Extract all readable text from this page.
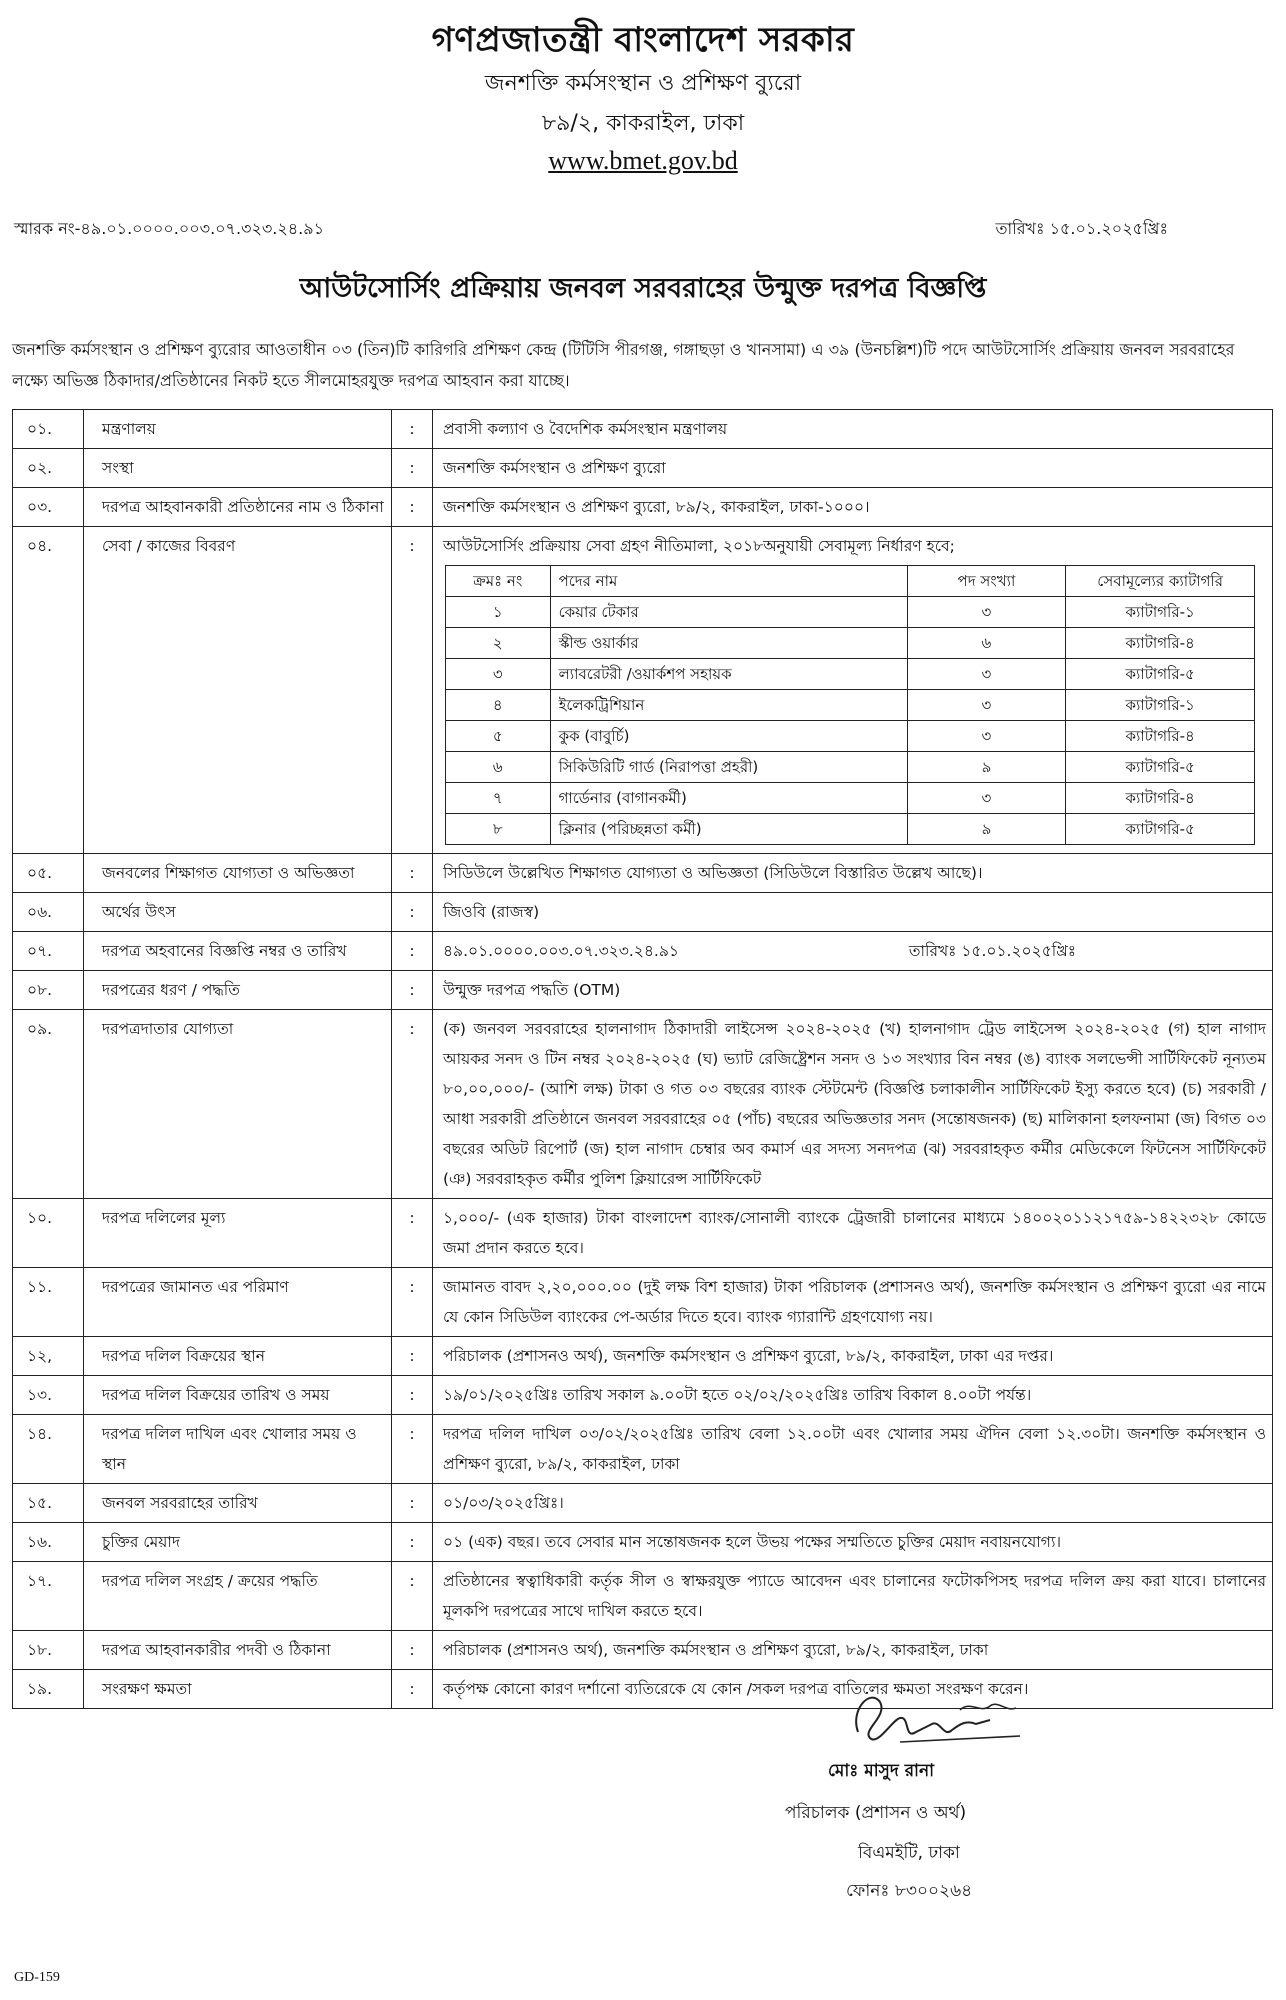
গণপ্রজাতন্ত্রী বাংলাদেশ সরকার
জনশক্তি কর্মসংস্থান ও প্রশিক্ষণ ব্যুরো
৮৯/২, কাকরাইল, ঢাকা
www.bmet.gov.bd
স্মারক নং-৪৯.০১.০০০০.০০৩.০৭.৩২৩.২৪.৯১	তারিখঃ ১৫.০১.২০২৫খ্রিঃ
আউটসোর্সিং প্রক্রিয়ায় জনবল সরবরাহের উন্মুক্ত দরপত্র বিজ্ঞপ্তি
জনশক্তি কর্মসংস্থান ও প্রশিক্ষণ ব্যুরোর আওতাধীন ০৩ (তিন)টি কারিগরি প্রশিক্ষণ কেন্দ্র (টিটিসি পীরগঞ্জ, গঙ্গাছড়া ও খানসামা) এ ৩৯ (উনচল্লিশ)টি পদে আউটসোর্সিং প্রক্রিয়ায় জনবল সরবরাহের লক্ষ্যে অভিজ্ঞ ঠিকাদার/প্রতিষ্ঠানের নিকট হতে সীলমোহরযুক্ত দরপত্র আহবান করা যাচ্ছে।
০১.	মন্ত্রণালয়	:	প্রবাসী কল্যাণ ও বৈদেশিক কর্মসংস্থান মন্ত্রণালয়
০২.	সংস্থা	:	জনশক্তি কর্মসংস্থান ও প্রশিক্ষণ ব্যুরো
০৩.	দরপত্র আহবানকারী প্রতিষ্ঠানের নাম ও ঠিকানা	:	জনশক্তি কর্মসংস্থান ও প্রশিক্ষণ ব্যুরো, ৮৯/২, কাকরাইল, ঢাকা-১০০০।
০৪.	সেবা / কাজের বিবরণ	:	আউটসোর্সিং প্রক্রিয়ায় সেবা গ্রহণ নীতিমালা, ২০১৮অনুযায়ী সেবামূল্য নির্ধারণ হবে;
ক্রমঃ নং	পদের নাম	পদ সংখ্যা	সেবামূল্যের ক্যাটাগরি
১	কেয়ার টেকার	৩	ক্যাটাগরি-১
২	স্কীল্ড ওয়ার্কার	৬	ক্যাটাগরি-৪
৩	ল্যাবরেটরী /ওয়ার্কশপ সহায়ক	৩	ক্যাটাগরি-৫
৪	ইলেকট্রিশিয়ান	৩	ক্যাটাগরি-১
৫	কুক (বাবুর্চি)	৩	ক্যাটাগরি-৪
৬	সিকিউরিটি গার্ড (নিরাপত্তা প্রহরী)	৯	ক্যাটাগরি-৫
৭	গার্ডেনার (বাগানকর্মী)	৩	ক্যাটাগরি-৪
৮	ক্লিনার (পরিচ্ছন্নতা কর্মী)	৯	ক্যাটাগরি-৫

০৫.	জনবলের শিক্ষাগত যোগ্যতা ও অভিজ্ঞতা	:	সিডিউলে উল্লেখিত শিক্ষাগত যোগ্যতা ও অভিজ্ঞতা (সিডিউলে বিস্তারিত উল্লেখ আছে)।
০৬.	অর্থের উৎস	:	জিওবি (রাজস্ব)
০৭.	দরপত্র অহবানের বিজ্ঞপ্তি নম্বর ও তারিখ	:	৪৯.০১.০০০০.০০৩.০৭.৩২৩.২৪.৯১	তারিখঃ ১৫.০১.২০২৫খ্রিঃ

০৮.	দরপত্রের ধরণ / পদ্ধতি	:	উন্মুক্ত দরপত্র পদ্ধতি (OTM)
০৯.	দরপত্রদাতার যোগ্যতা	:	(ক) জনবল সরবরাহের হালনাগাদ ঠিকাদারী লাইসেন্স ২০২৪-২০২৫ (খ) হালনাগাদ ট্রেড লাইসেন্স ২০২৪-২০২৫ (গ) হাল নাগাদ আয়কর সনদ ও টিন নম্বর ২০২৪-২০২৫ (ঘ) ভ্যাট রেজিষ্ট্রেশন সনদ ও ১৩ সংখ্যার বিন নম্বর (ঙ) ব্যাংক সলভেন্সী সার্টিফিকেট নূন্যতম ৮০,০০,০০০/- (আশি লক্ষ) টাকা ও গত ০৩ বছরের ব্যাংক স্টেটমেন্ট (বিজ্ঞপ্তি চলাকালীন সার্টিফিকেট ইস্যু করতে হবে) (চ) সরকারী / আধা সরকারী প্রতিষ্ঠানে জনবল সরবরাহের ০৫ (পাঁচ) বছরের অভিজ্ঞতার সনদ (সন্তোষজনক) (ছ) মালিকানা হলফনামা (জ) বিগত ০৩ বছরের অডিট রিপোর্ট (জ) হাল নাগাদ চেম্বার অব কমার্স এর সদস্য সনদপত্র (ঝ) সরবরাহকৃত কর্মীর মেডিকেলে ফিটনেস সার্টিফিকেট (ঞ) সরবরাহকৃত কর্মীর পুলিশ ক্লিয়ারেন্স সার্টিফিকেট
১০.	দরপত্র দলিলের মূল্য	:	১,০০০/- (এক হাজার) টাকা বাংলাদেশ ব্যাংক/সোনালী ব্যাংকে ট্রেজারী চালানের মাধ্যমে ১৪০০২০১১২১৭৫৯-১৪২২৩২৮ কোডে জমা প্রদান করতে হবে।
১১.	দরপত্রের জামানত এর পরিমাণ	:	জামানত বাবদ ২,২০,০০০.০০ (দুই লক্ষ বিশ হাজার) টাকা পরিচালক (প্রশাসনও অর্থ), জনশক্তি কর্মসংস্থান ও প্রশিক্ষণ ব্যুরো এর নামে যে কোন সিডিউল ব্যাংকের পে-অর্ডার দিতে হবে। ব্যাংক গ্যারান্টি গ্রহণযোগ্য নয়।
১২,	দরপত্র দলিল বিক্রয়ের স্থান	:	পরিচালক (প্রশাসনও অর্থ), জনশক্তি কর্মসংস্থান ও প্রশিক্ষণ ব্যুরো, ৮৯/২, কাকরাইল, ঢাকা এর দপ্তর।
১৩.	দরপত্র দলিল বিক্রয়ের তারিখ ও সময়	:	১৯/০১/২০২৫খ্রিঃ তারিখ সকাল ৯.০০টা হতে ০২/০২/২০২৫খ্রিঃ তারিখ বিকাল ৪.০০টা পর্যন্ত।
১৪.	দরপত্র দলিল দাখিল এবং খোলার সময় ও স্থান	:	দরপত্র দলিল দাখিল ০৩/০২/২০২৫খ্রিঃ তারিখ বেলা ১২.০০টা এবং খোলার সময় ঐদিন বেলা ১২.৩০টা। জনশক্তি কর্মসংস্থান ও প্রশিক্ষণ ব্যুরো, ৮৯/২, কাকরাইল, ঢাকা
১৫.	জনবল সরবরাহের তারিখ	:	০১/০৩/২০২৫খ্রিঃ।
১৬.	চুক্তির মেয়াদ	:	০১ (এক) বছর। তবে সেবার মান সন্তোষজনক হলে উভয় পক্ষের সম্মতিতে চুক্তির মেয়াদ নবায়নযোগ্য।
১৭.	দরপত্র দলিল সংগ্রহ / ক্রয়ের পদ্ধতি	:	প্রতিষ্ঠানের স্বত্বাধিকারী কর্তৃক সীল ও স্বাক্ষরযুক্ত প্যাডে আবেদন এবং চালানের ফটোকপিসহ দরপত্র দলিল ক্রয় করা যাবে। চালানের মূলকপি দরপত্রের সাথে দাখিল করতে হবে।
১৮.	দরপত্র আহবানকারীর পদবী ও ঠিকানা	:	পরিচালক (প্রশাসনও অর্থ), জনশক্তি কর্মসংস্থান ও প্রশিক্ষণ ব্যুরো, ৮৯/২, কাকরাইল, ঢাকা
১৯.	সংরক্ষণ ক্ষমতা	:	কর্তৃপক্ষ কোনো কারণ দর্শানো ব্যতিরেকে যে কোন /সকল দরপত্র বাতিলের ক্ষমতা সংরক্ষণ করেন।
মোঃ মাসুদ রানা
পরিচালক (প্রশাসন ও অর্থ)
বিএমইটি, ঢাকা
ফোনঃ ৮৩০০২৬৪
GD-159
